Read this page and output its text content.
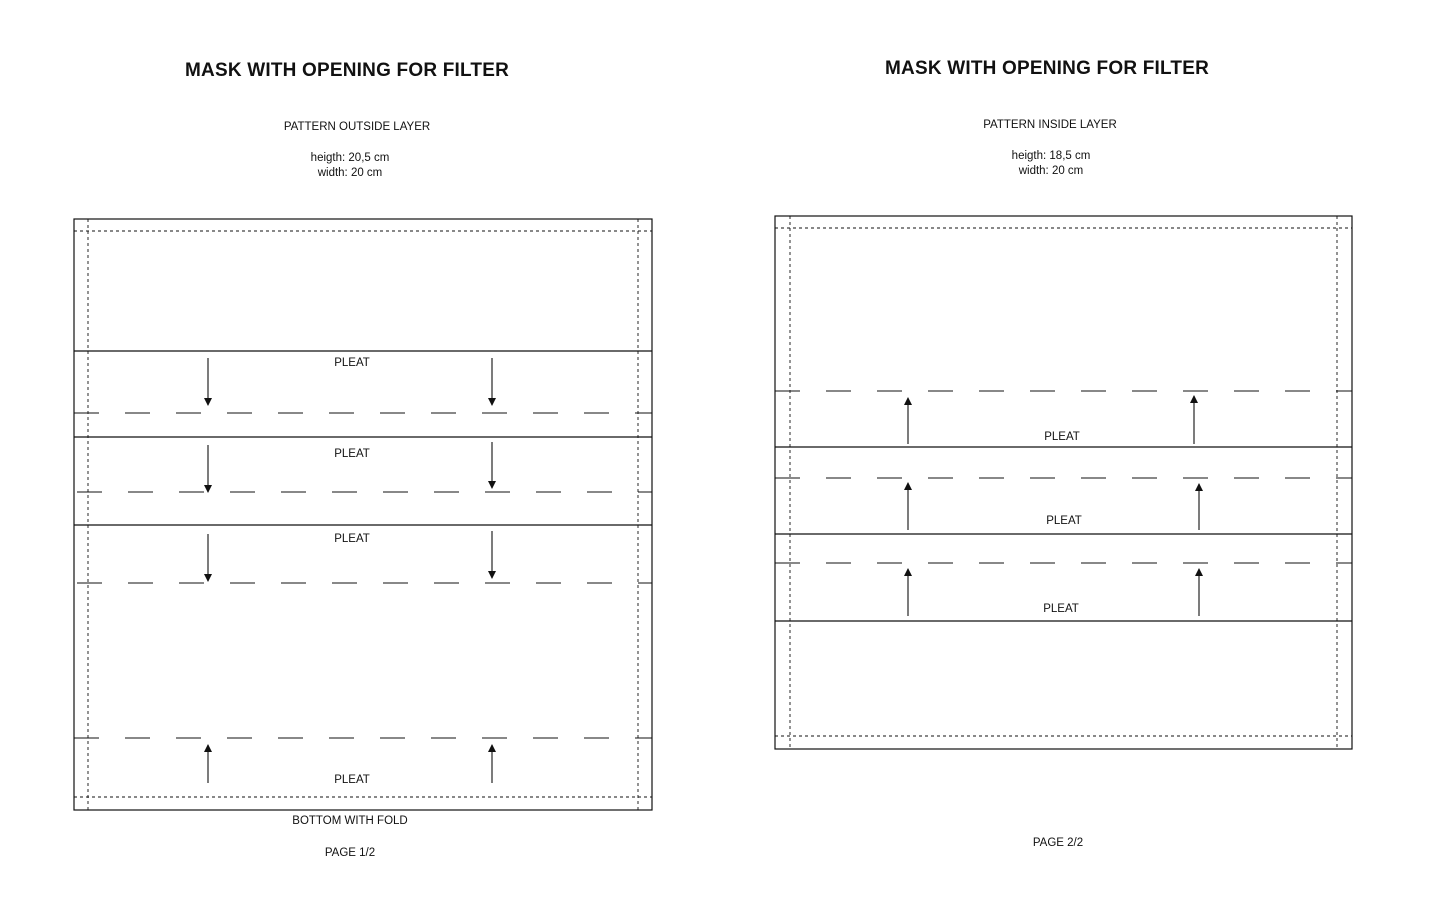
MASK WITH OPENING FOR FILTER

PATTERN OUTSIDE LAYER

heigth: 20,5 cm
width: 20 cm
PLEAT
PLEAT
PLEAT
PLEAT

BOTTOM WITH FOLD

PAGE 1/2

MASK WITH OPENING FOR FILTER

PATTERN INSIDE LAYER

heigth: 18,5 cm
width: 20 cm
PLEAT
PLEAT
PLEAT

PAGE 2/2
